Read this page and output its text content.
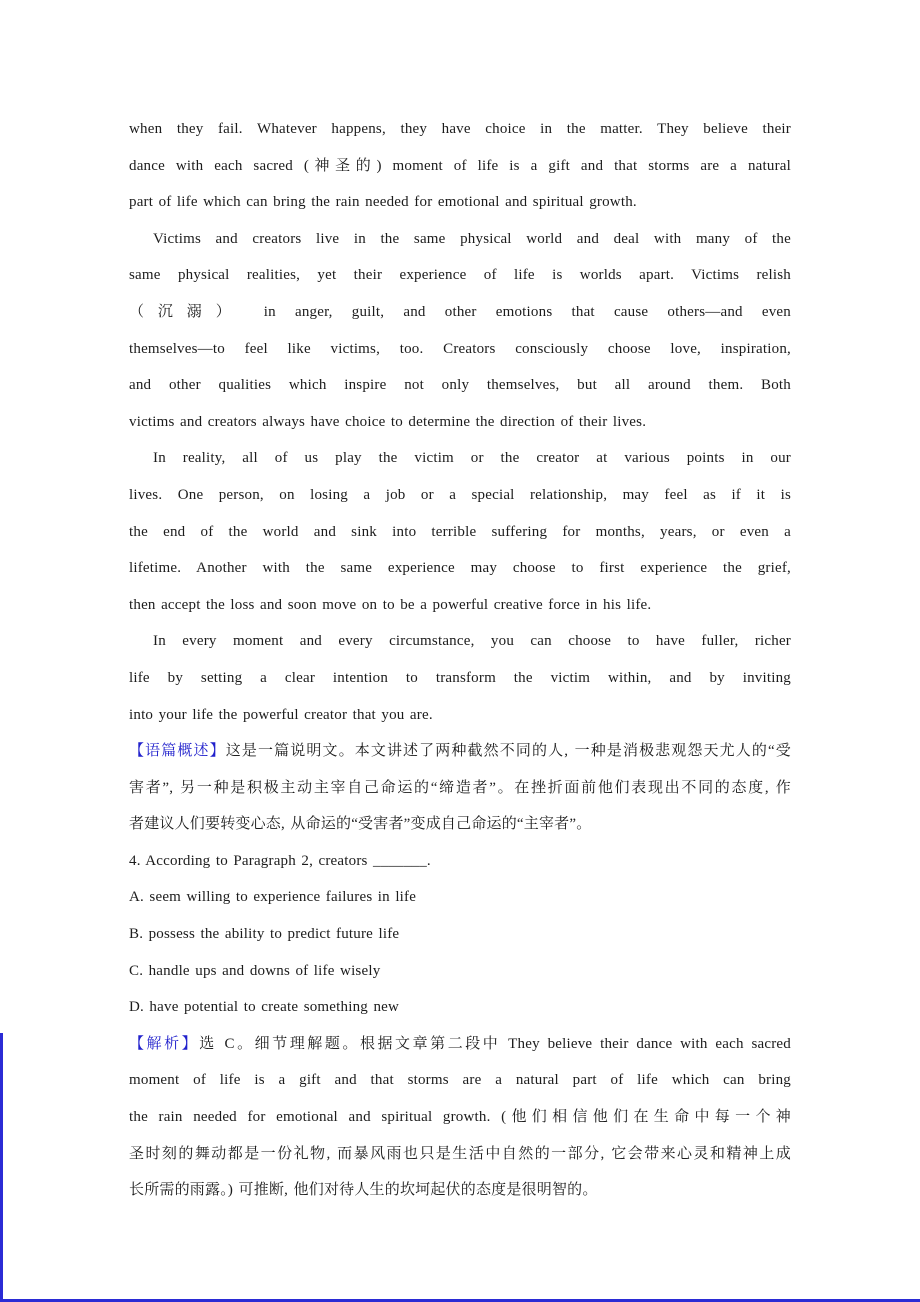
when they fail. Whatever happens, they have choice in the matter. They believe their
dance with each sacred (神圣的) moment of life is a gift and that storms are a natural
part of life which can bring the rain needed for emotional and spiritual growth.
Victims and creators live in the same physical world and deal with many of the
same physical realities, yet their experience of life is worlds apart. Victims relish
（沉溺） in anger, guilt, and other emotions that cause others—and even
themselves—to feel like victims, too. Creators consciously choose love, inspiration,
and other qualities which inspire not only themselves, but all around them. Both
victims and creators always have choice to determine the direction of their lives.
In reality, all of us play the victim or the creator at various points in our
lives. One person, on losing a job or a special relationship, may feel as if it is
the end of the world and sink into terrible suffering for months, years, or even a
lifetime. Another with the same experience may choose to first experience the grief,
then accept the loss and soon move on to be a powerful creative force in his life.
In every moment and every circumstance, you can choose to have fuller, richer
life by setting a clear intention to transform the victim within, and by inviting
into your life the powerful creator that you are.
【语篇概述】这是一篇说明文。本文讲述了两种截然不同的人, 一种是消极悲观怨天尤人的“受
害者”, 另一种是积极主动主宰自己命运的“缔造者”。在挫折面前他们表现出不同的态度, 作
者建议人们要转变心态, 从命运的“受害者”变成自己命运的“主宰者”。
4. According to Paragraph 2, creators _______.
A. seem willing to experience failures in life
B. possess the ability to predict future life
C. handle ups and downs of life wisely
D. have potential to create something new
【解析】选 C。细节理解题。根据文章第二段中 They believe their dance with each sacred
moment of life is a gift and that storms are a natural part of life which can bring
the rain needed for emotional and spiritual growth. (他们相信他们在生命中每一个神
圣时刻的舞动都是一份礼物, 而暴风雨也只是生活中自然的一部分, 它会带来心灵和精神上成
长所需的雨露。) 可推断, 他们对待人生的坎坷起伏的态度是很明智的。
